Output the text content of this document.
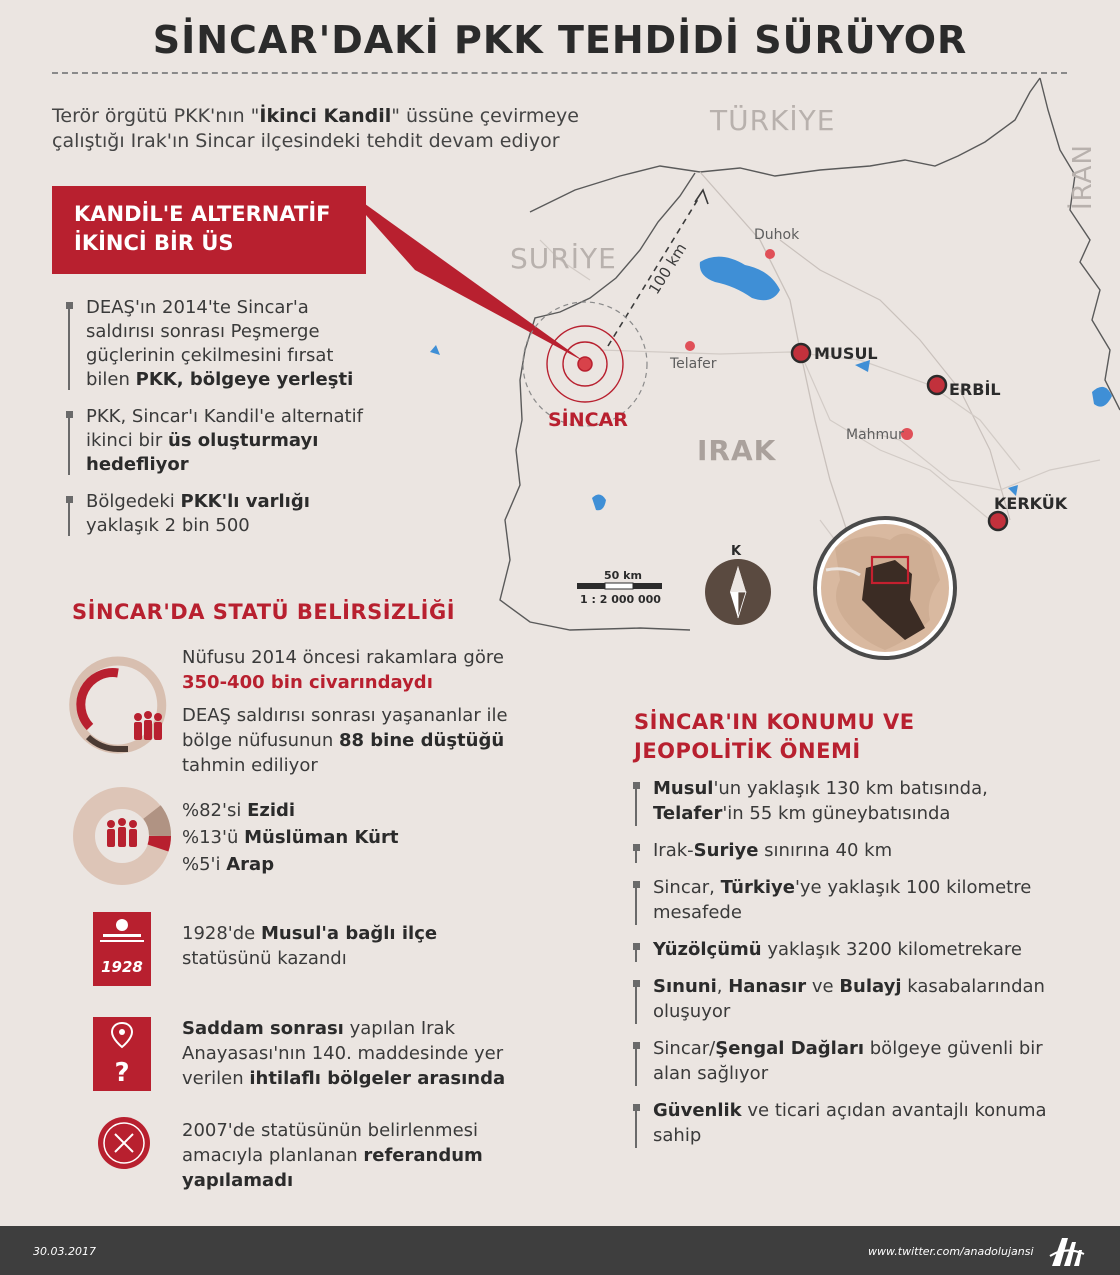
SİNCAR'DAKİ PKK TEHDİDİ SÜRÜYOR
Terör örgütü PKK'nın "İkinci Kandil" üssüne çevirmeye çalıştığı Irak'ın Sincar ilçesindeki tehdit devam ediyor
TÜRKİYE
SURİYE
İRAN
IRAK
Duhok
Telafer
Mahmur
MUSUL
ERBİL
KERKÜK
SİNCAR
100 km
50 km
1 : 2 000 000
K
KANDİL'E ALTERNATİF
İKİNCİ BİR ÜS
DEAŞ'ın 2014'te Sincar'a saldırısı sonrası Peşmerge güçlerinin çekilmesini fırsat bilen PKK, bölgeye yerleşti
PKK, Sincar'ı Kandil'e alternatif ikinci bir üs oluşturmayı hedefliyor
Bölgedeki PKK'lı varlığı yaklaşık 2 bin 500
SİNCAR'DA STATÜ BELİRSİZLİĞİ
Nüfusu 2014 öncesi rakamlara göre
350-400 bin civarındaydı
DEAŞ saldırısı sonrası yaşananlar ile bölge nüfusunun 88 bine düştüğü tahmin ediliyor
%82'si Ezidi
%13'ü Müslüman Kürt
%5'i Arap
1928
1928'de Musul'a bağlı ilçe statüsünü kazandı
?
Saddam sonrası yapılan Irak Anayasası'nın 140. maddesinde yer verilen ihtilaflı bölgeler arasında
2007'de statüsünün belirlenmesi amacıyla planlanan referandum yapılamadı
SİNCAR'IN KONUMU VE
JEOPOLİTİK ÖNEMİ
Musul'un yaklaşık 130 km batısında, Telafer'in 55 km güneybatısında
Irak-Suriye sınırına 40 km
Sincar, Türkiye'ye yaklaşık 100 kilometre mesafede
Yüzölçümü yaklaşık 3200 kilometrekare
Sınuni, Hanasır ve Bulayj kasabalarından oluşuyor
Sincar/Şengal Dağları bölgeye güvenli bir alan sağlıyor
Güvenlik ve ticari açıdan avantajlı konuma sahip
30.03.2017	www.twitter.com/anadolujansi
